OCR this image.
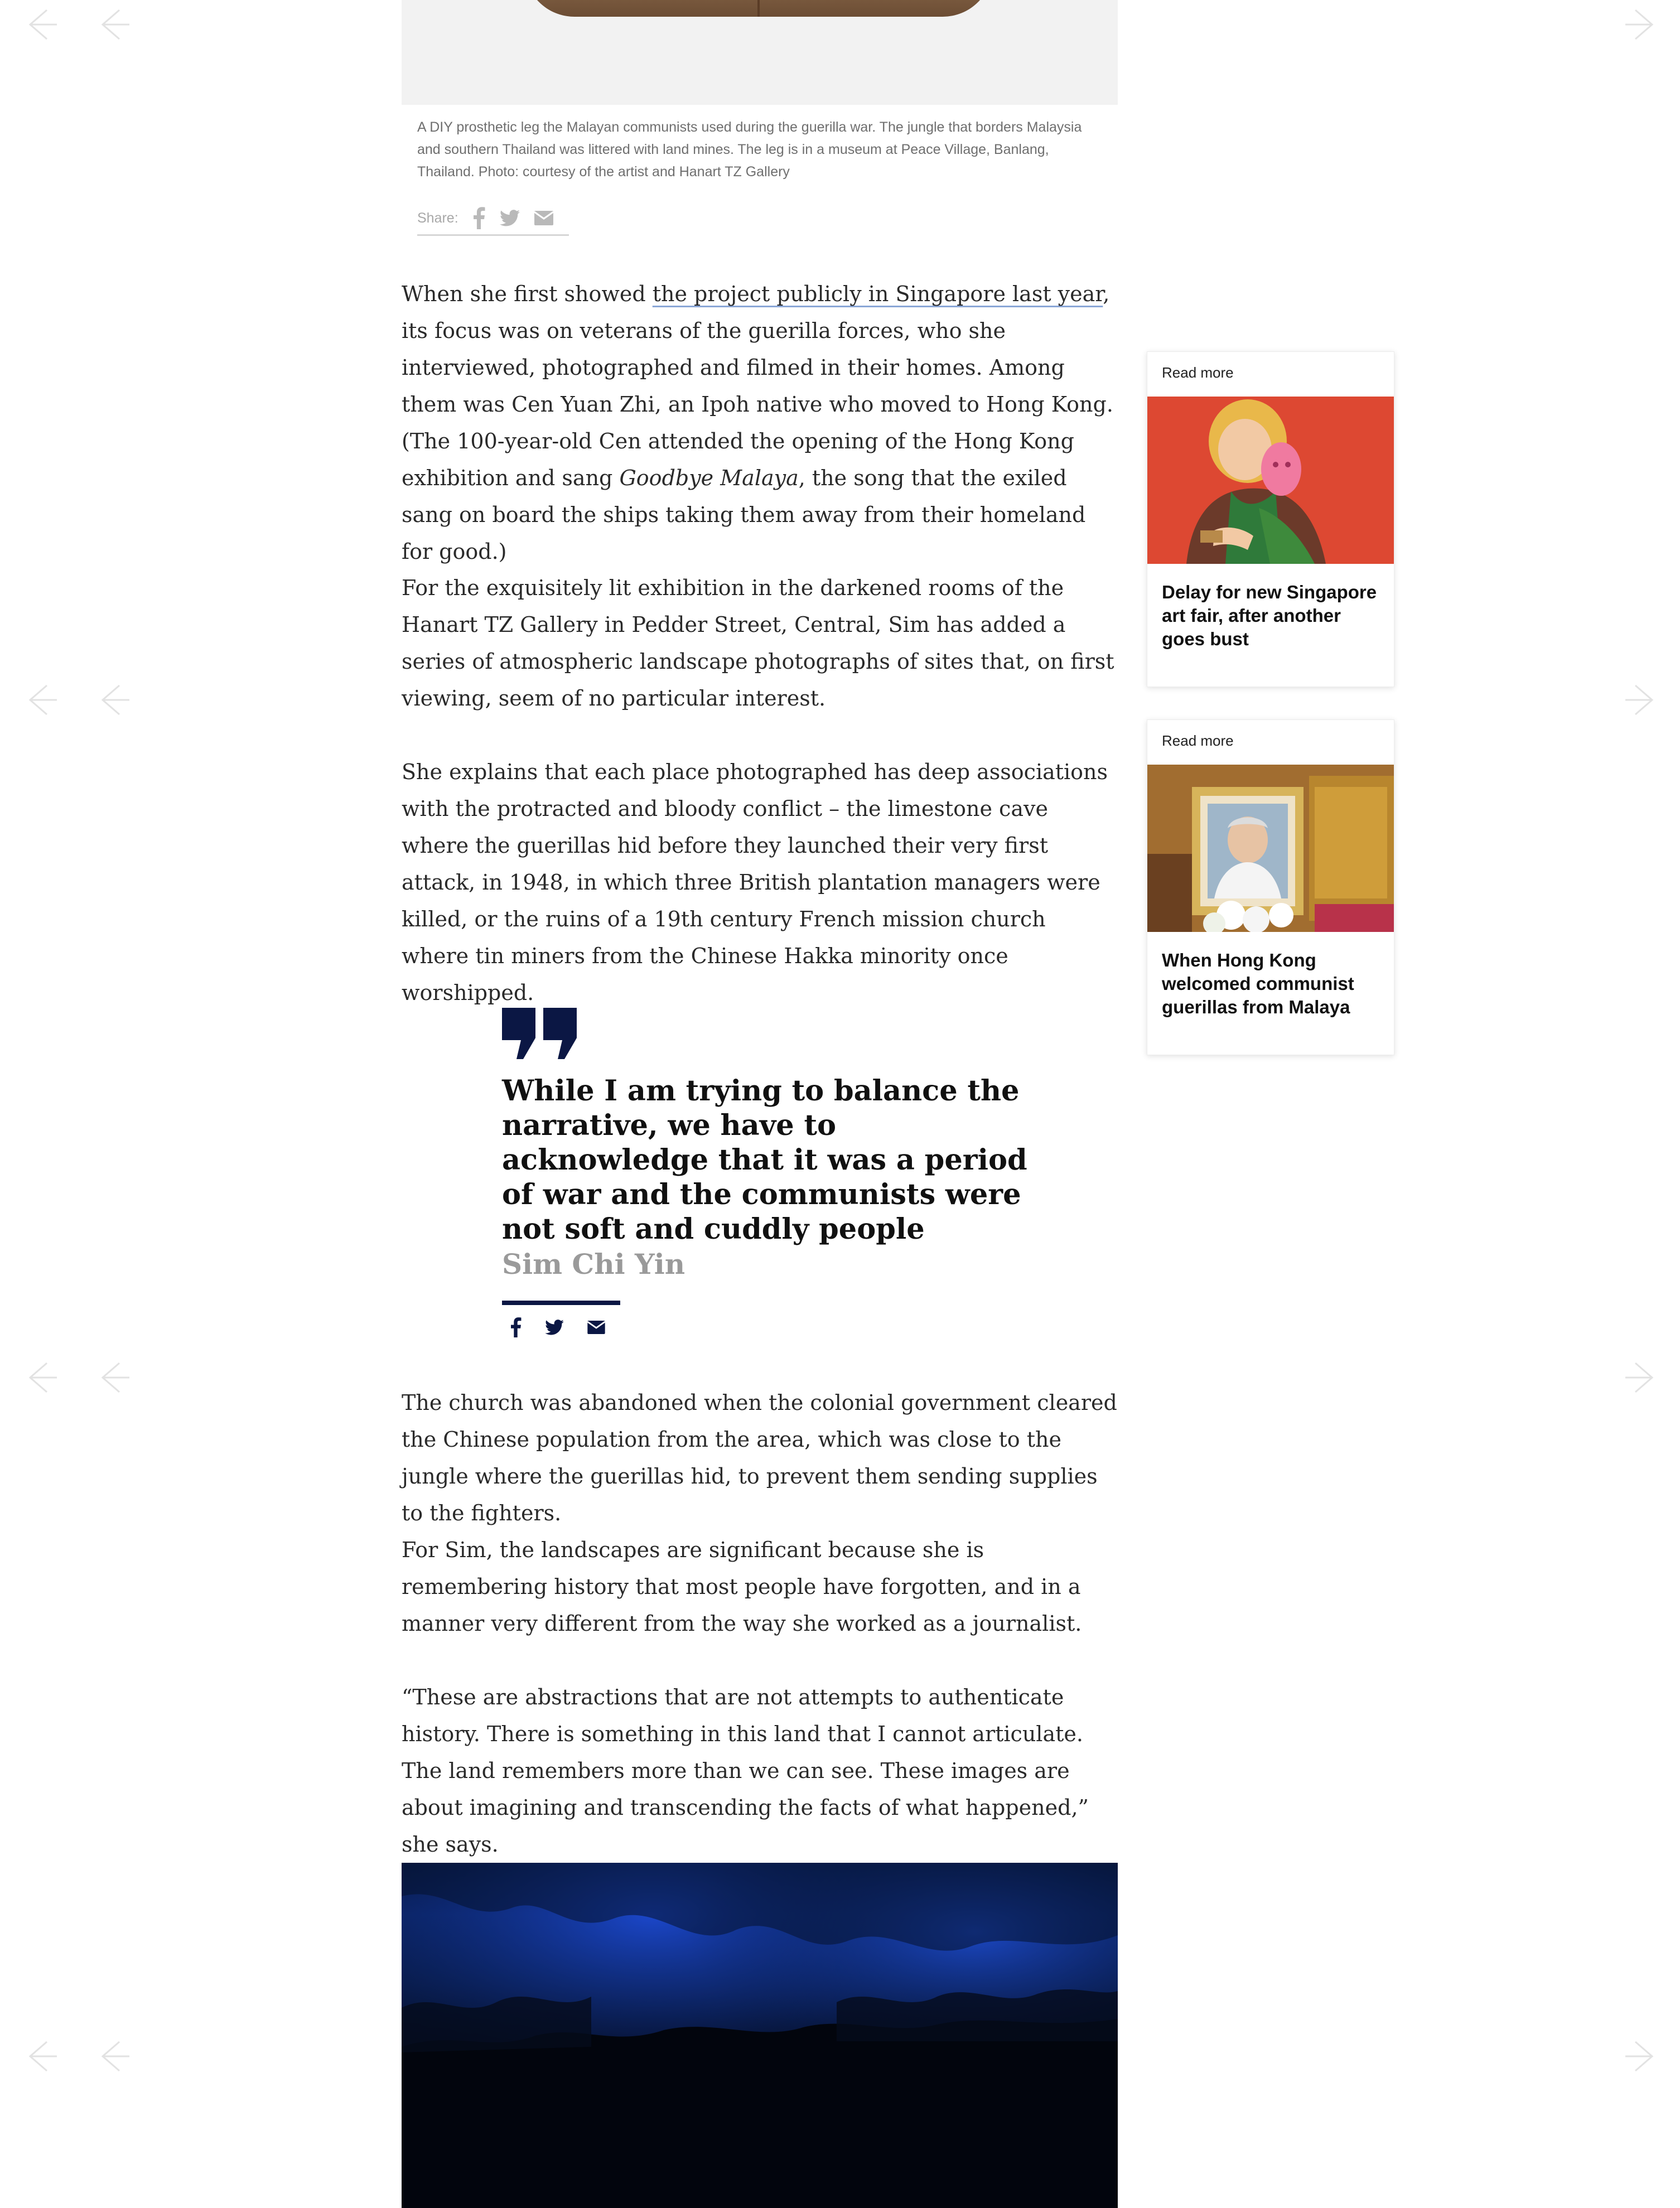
A DIY prosthetic leg the Malayan communists used during the guerilla war. The jungle that borders Malaysia and southern Thailand was littered with land mines. The leg is in a museum at Peace Village, Banlang, Thailand. Photo: courtesy of the artist and Hanart TZ Gallery
Share:

When she first showed the project publicly in Singapore last year, its focus was on veterans of the guerilla forces, who she interviewed, photographed and filmed in their homes. Among them was Cen Yuan Zhi, an Ipoh native who moved to Hong Kong. (The 100-year-old Cen attended the opening of the Hong Kong exhibition and sang Goodbye Malaya, the song that the exiled sang on board the ships taking them away from their homeland for good.)

For the exquisitely lit exhibition in the darkened rooms of the Hanart TZ Gallery in Pedder Street, Central, Sim has added a series of atmospheric landscape photographs of sites that, on first viewing, seem of no particular interest.

She explains that each place photographed has deep associations with the protracted and bloody conflict – the limestone cave where the guerillas hid before they launched their very first attack, in 1948, in which three British plantation managers were killed, or the ruins of a 19th century French mission church where tin miners from the Chinese Hakka minority once worshipped.

While I am trying to balance the narrative, we have to acknowledge that it was a period of war and the communists were not soft and cuddly people
Sim Chi Yin

The church was abandoned when the colonial government cleared the Chinese population from the area, which was close to the jungle where the guerillas hid, to prevent them sending supplies to the fighters.

For Sim, the landscapes are significant because she is remembering history that most people have forgotten, and in a manner very different from the way she worked as a journalist.

“These are abstractions that are not attempts to authenticate history. There is something in this land that I cannot articulate. The land remembers more than we can see. These images are about imagining and transcending the facts of what happened,” she says.

Read more
Delay for new Singapore art fair, after another goes bust
Read more
When Hong Kong welcomed communist guerillas from Malaya
